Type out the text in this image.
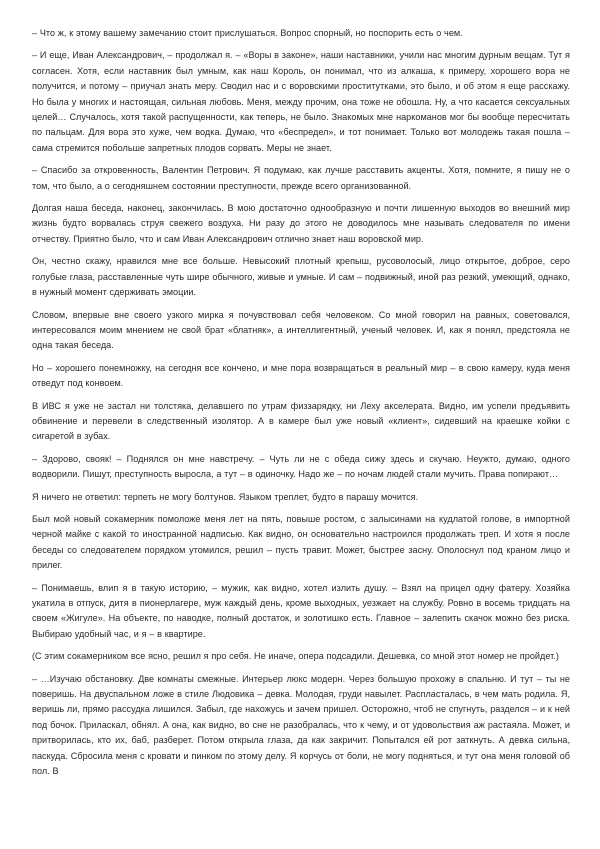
– Что ж, к этому вашему замечанию стоит прислушаться. Вопрос спорный, но поспорить есть о чем.

– И еще, Иван Александрович, – продолжал я. – «Воры в законе», наши наставники, учили нас многим дурным вещам. Тут я согласен. Хотя, если наставник был умным, как наш Король, он понимал, что из алкаша, к примеру, хорошего вора не получится, и потому – приучал знать меру. Сводил нас и с воровскими проститутками, это было, и об этом я еще расскажу. Но была у многих и настоящая, сильная любовь. Меня, между прочим, она тоже не обошла. Ну, а что касается сексуальных целей… Случалось, хотя такой распущенности, как теперь, не было. Знакомых мне наркоманов мог бы вообще пересчитать по пальцам. Для вора это хуже, чем водка. Думаю, что «беспредел», и тот понимает. Только вот молодежь такая пошла – сама стремится побольше запретных плодов сорвать. Меры не знает.

– Спасибо за откровенность, Валентин Петрович. Я подумаю, как лучше расставить акценты. Хотя, помните, я пишу не о том, что было, а о сегодняшнем состоянии преступности, прежде всего организованной.

Долгая наша беседа, наконец, закончилась. В мою достаточно однообразную и почти лишенную выходов во внешний мир жизнь будто ворвалась струя свежего воздуха. Ни разу до этого не доводилось мне называть следователя по имени отчеству. Приятно было, что и сам Иван Александрович отлично знает наш воровской мир.

Он, честно скажу, нравился мне все больше. Невысокий плотный крепыш, русоволосый, лицо открытое, доброе, серо голубые глаза, расставленные чуть шире обычного, живые и умные. И сам – подвижный, иной раз резкий, умеющий, однако, в нужный момент сдерживать эмоции.

Словом, впервые вне своего узкого мирка я почувствовал себя человеком. Со мной говорил на равных, советовался, интересовался моим мнением не свой брат «блатняк», а интеллигентный, ученый человек. И, как я понял, предстояла не одна такая беседа.

Но – хорошего понемножку, на сегодня все кончено, и мне пора возвращаться в реальный мир – в свою камеру, куда меня отведут под конвоем.

В ИВС я уже не застал ни толстяка, делавшего по утрам физзарядку, ни Леху акселерата. Видно, им успели предъявить обвинение и перевели в следственный изолятор. А в камере был уже новый «клиент», сидевший на краешке койки с сигаретой в зубах.

– Здорово, свояк! – Поднялся он мне навстречу. – Чуть ли не с обеда сижу здесь и скучаю. Неужто, думаю, одного водворили. Пишут, преступность выросла, а тут – в одиночку. Надо же – по ночам людей стали мучить. Права попирают…

Я ничего не ответил: терпеть не могу болтунов. Языком треплет, будто в парашу мочится.

Был мой новый сокамерник помоложе меня лет на пять, повыше ростом, с залысинами на кудлатой голове, в импортной черной майке с какой то иностранной надписью. Как видно, он основательно настроился продолжать треп. И хотя я после беседы со следователем порядком утомился, решил – пусть травит. Может, быстрее засну. Ополоснул под краном лицо и прилег.

– Понимаешь, влип я в такую историю, – мужик, как видно, хотел излить душу. – Взял на прицел одну фатеру. Хозяйка укатила в отпуск, дитя в пионерлагере, муж каждый день, кроме выходных, уезжает на службу. Ровно в восемь тридцать на своем «Жигуле». На объекте, по наводке, полный достаток, и золотишко есть. Главное – залепить скачок можно без риска. Выбираю удобный час, и я – в квартире.

(С этим сокамерником все ясно, решил я про себя. Не иначе, опера подсадили. Дешевка, со мной этот номер не пройдет.)

– …Изучаю обстановку. Две комнаты смежные. Интерьер люкс модерн. Через большую прохожу в спальню. И тут – ты не поверишь. На двуспальном ложе в стиле Людовика – девка. Молодая, груди навылет. Распласталась, в чем мать родила. Я, веришь ли, прямо рассудка лишился. Забыл, где нахожусь и зачем пришел. Осторожно, чтоб не спугнуть, разделся – и к ней под бочок. Приласкал, обнял. А она, как видно, во сне не разобралась, что к чему, и от удовольствия аж растаяла. Может, и притворилась, кто их, баб, разберет. Потом открыла глаза, да как закричит. Попытался ей рот заткнуть. А девка сильна, паскуда. Сбросила меня с кровати и пинком по этому делу. Я корчусь от боли, не могу подняться, и тут она меня головой об пол. В
